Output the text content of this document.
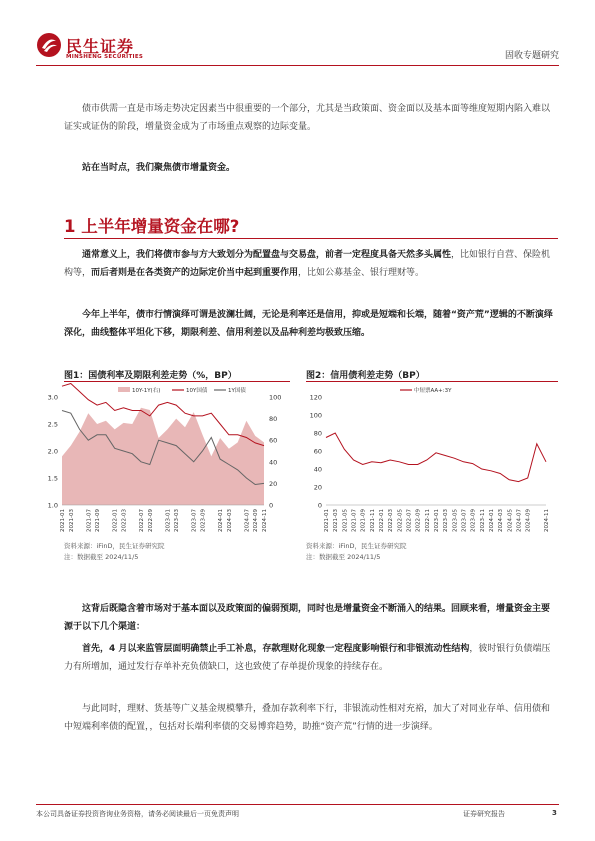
民生证券
MINSHENG SECURITIES	固收专题研究
债市供需一直是市场走势决定因素当中很重要的一个部分，尤其是当政策面、资金面以及基本面等维度短期内陷入难以证实或证伪的阶段，增量资金成为了市场重点观察的边际变量。
站在当时点，我们聚焦债市增量资金。
1 上半年增量资金在哪?
通常意义上，我们将债市参与方大致划分为配置盘与交易盘，前者一定程度具备天然多头属性，比如银行自营、保险机构等，而后者则是在各类资产的边际定价当中起到重要作用，比如公募基金、银行理财等。
今年上半年，债市行情演绎可谓是波澜壮阔，无论是利率还是信用，抑或是短端和长端，随着“资产荒”逻辑的不断演绎深化，曲线整体平坦化下移，期限利差、信用利差以及品种利差均极致压缩。
图1：国债利率及期限利差走势（%，BP）
3.0
2.5
2.0
1.5
1.0
100
80
60
40
20
0
2021-01	2021-07	2022-01	2022-07	2023-01	2023-07	2024-01	2024-07 2024-11
2021-03	2021-09	2022-03	2022-09	2023-03	2023-09	2024-03	2024-09
10Y-1Y(右)	10Y国债	1Y国债
资料来源：iFinD，民生证券研究院
注：数据截至 2024/11/5
图2：信用债利差走势（BP）
120
100
80
60
40
20
0
2021-01 2021-05 2021-09 2022-01 2022-05 2022-09 2023-01 2023-05 2023-09 2024-01 2024-05 2024-09 2024-11
2021-03 2021-07 2021-11 2022-03 2022-07 2022-11 2023-03 2023-07 2023-11 2024-03 2024-07
中短票AA+:3Y
资料来源：iFinD，民生证券研究院
注：数据截至 2024/11/5
这背后既隐含着市场对于基本面以及政策面的偏弱预期，同时也是增量资金不断涌入的结果。回顾来看，增量资金主要源于以下几个渠道：
首先，4 月以来监管层面明确禁止手工补息，存款理财化现象一定程度影响银行和非银流动性结构，彼时银行负债端压力有所增加，通过发行存单补充负债缺口，这也致使了存单提价现象的持续存在。
与此同时，理财、货基等广义基金规模攀升，叠加存款利率下行，非银流动性相对充裕，加大了对同业存单、信用债和中短端利率债的配置，，包括对长端利率债的交易博弈趋势，助推“资产荒”行情的进一步演绎。
本公司具备证券投资咨询业务资格，请务必阅读最后一页免责声明	证券研究报告	3
